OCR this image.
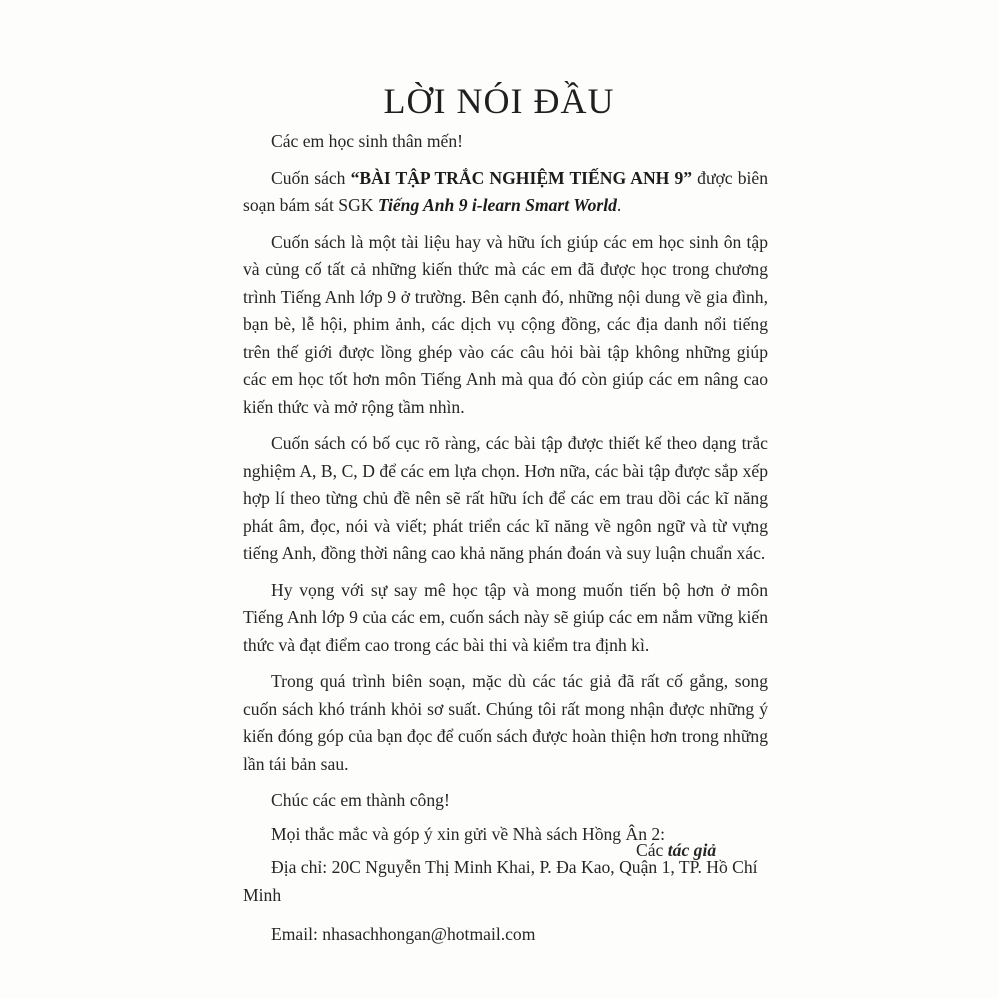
LỜI NÓI ĐẦU

Các em học sinh thân mến!

Cuốn sách “BÀI TẬP TRẮC NGHIỆM TIẾNG ANH 9” được biên soạn bám sát SGK Tiếng Anh 9 i-learn Smart World.

Cuốn sách là một tài liệu hay và hữu ích giúp các em học sinh ôn tập và củng cố tất cả những kiến thức mà các em đã được học trong chương trình Tiếng Anh lớp 9 ở trường. Bên cạnh đó, những nội dung về gia đình, bạn bè, lễ hội, phim ảnh, các dịch vụ cộng đồng, các địa danh nổi tiếng trên thế giới được lồng ghép vào các câu hỏi bài tập không những giúp các em học tốt hơn môn Tiếng Anh mà qua đó còn giúp các em nâng cao kiến thức và mở rộng tầm nhìn.

Cuốn sách có bố cục rõ ràng, các bài tập được thiết kế theo dạng trắc nghiệm A, B, C, D để các em lựa chọn. Hơn nữa, các bài tập được sắp xếp hợp lí theo từng chủ đề nên sẽ rất hữu ích để các em trau dồi các kĩ năng phát âm, đọc, nói và viết; phát triển các kĩ năng về ngôn ngữ và từ vựng tiếng Anh, đồng thời nâng cao khả năng phán đoán và suy luận chuẩn xác.

Hy vọng với sự say mê học tập và mong muốn tiến bộ hơn ở môn Tiếng Anh lớp 9 của các em, cuốn sách này sẽ giúp các em nắm vững kiến thức và đạt điểm cao trong các bài thi và kiểm tra định kì.

Trong quá trình biên soạn, mặc dù các tác giả đã rất cố gắng, song cuốn sách khó tránh khỏi sơ suất. Chúng tôi rất mong nhận được những ý kiến đóng góp của bạn đọc để cuốn sách được hoàn thiện hơn trong những lần tái bản sau.

Chúc các em thành công!

Mọi thắc mắc và góp ý xin gửi về Nhà sách Hồng Ân 2:

Địa chỉ: 20C Nguyễn Thị Minh Khai, P. Đa Kao, Quận 1, TP. Hồ Chí Minh

Email: nhasachhongan@hotmail.com

Các tác giả
